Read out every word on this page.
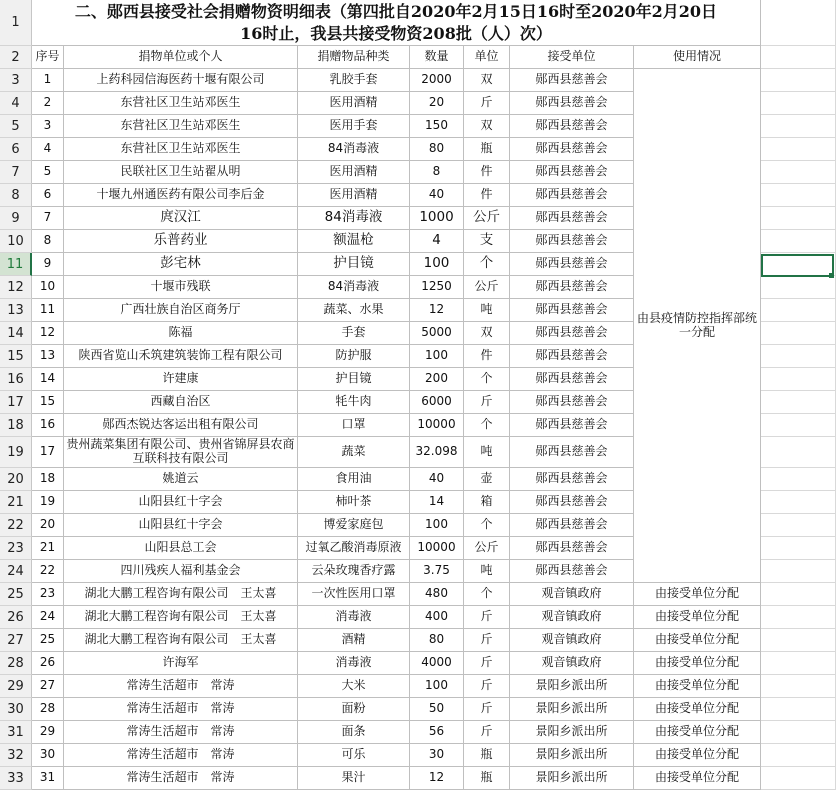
1
二、郧西县接受社会捐赠物资明细表（第四批自2020年2月15日16时至2020年2月20日
16时止，我县共接受物资208批（人）次）
2	序号	捐物单位或个人	捐赠物品种类	数量	单位	接受单位	使用情况
3	1	上药科园信海医药十堰有限公司	乳胶手套	2000	双	郧西县慈善会
4	2	东营社区卫生站邓医生	医用酒精	20	斤	郧西县慈善会
5	3	东营社区卫生站邓医生	医用手套	150	双	郧西县慈善会
6	4	东营社区卫生站邓医生	84消毒液	80	瓶	郧西县慈善会
7	5	民联社区卫生站翟从明	医用酒精	8	件	郧西县慈善会
8	6	十堰九州通医药有限公司李后金	医用酒精	40	件	郧西县慈善会
9	7	庹汉江	84消毒液	1000	公斤	郧西县慈善会
10	8	乐普药业	额温枪	4	支	郧西县慈善会
11	9	彭宅林	护目镜	100	个	郧西县慈善会
12	10	十堰市残联	84消毒液	1250	公斤	郧西县慈善会
13	11	广西壮族自治区商务厅	蔬菜、水果	12	吨	郧西县慈善会
14	12	陈福	手套	5000	双	郧西县慈善会
15	13	陕西省览山禾筑建筑装饰工程有限公司	防护服	100	件	郧西县慈善会
16	14	许建康	护目镜	200	个	郧西县慈善会
17	15	西藏自治区	牦牛肉	6000	斤	郧西县慈善会
18	16	郧西杰锐达客运出租有限公司	口罩	10000	个	郧西县慈善会
19	17 贵州蔬菜集团有限公司、贵州省锦屏县农商互联科技有限公司	蔬菜	32.098	吨	郧西县慈善会
20	18	姚道云	食用油	40	壶	郧西县慈善会
21	19	山阳县红十字会	柿叶茶	14	箱	郧西县慈善会
22	20	山阳县红十字会	博爱家庭包	100	个	郧西县慈善会
23	21	山阳县总工会	过氧乙酸消毒原液	10000	公斤	郧西县慈善会
24	22	四川残疾人福利基金会	云朵玫瑰香疗露	3.75	吨	郧西县慈善会
25	23	湖北大鹏工程咨询有限公司　王太喜	一次性医用口罩	480	个	观音镇政府	由接受单位分配
26	24	湖北大鹏工程咨询有限公司　王太喜	消毒液	400	斤	观音镇政府	由接受单位分配
27	25	湖北大鹏工程咨询有限公司　王太喜	酒精	80	斤	观音镇政府	由接受单位分配
28	26	许海军	消毒液	4000	斤	观音镇政府	由接受单位分配
29	27	常涛生活超市　常涛	大米	100	斤	景阳乡派出所	由接受单位分配
30	28	常涛生活超市　常涛	面粉	50	斤	景阳乡派出所	由接受单位分配
31	29	常涛生活超市　常涛	面条	56	斤	景阳乡派出所	由接受单位分配
32	30	常涛生活超市　常涛	可乐	30	瓶	景阳乡派出所	由接受单位分配
33	31	常涛生活超市　常涛	果汁	12	瓶	景阳乡派出所	由接受单位分配
由县疫情防控指挥部统一分配
